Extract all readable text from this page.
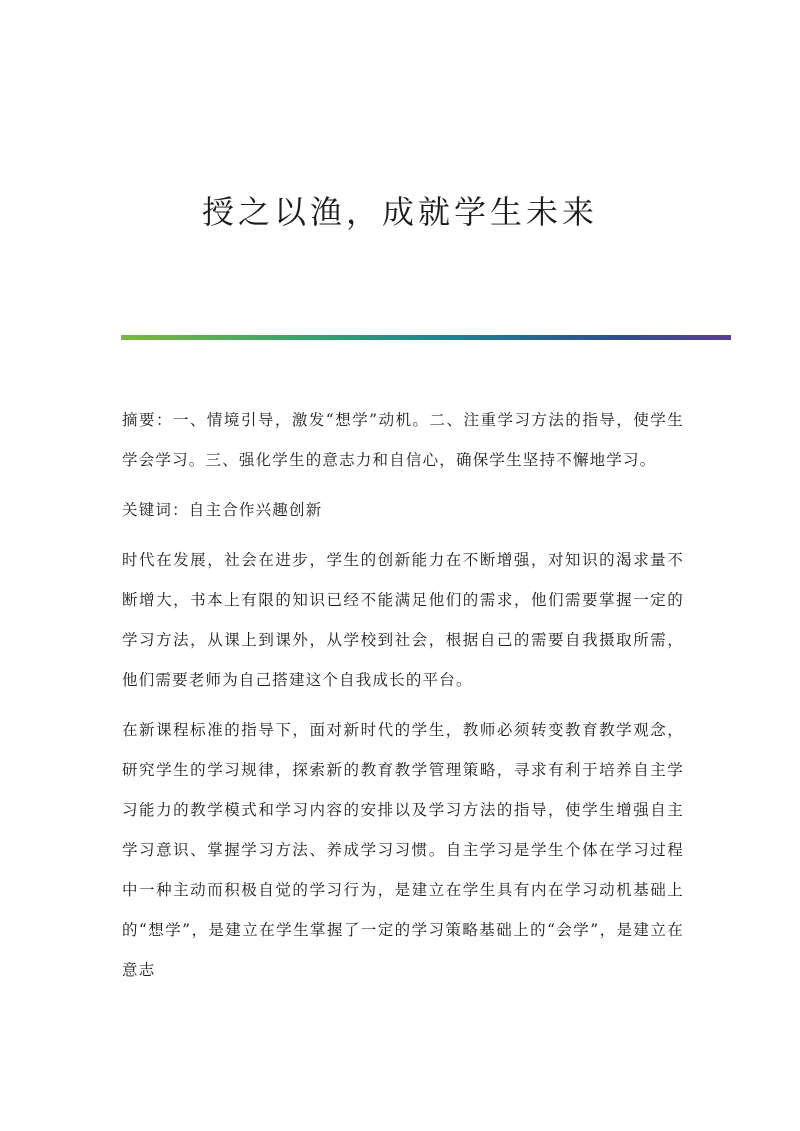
授之以渔，成就学生未来

摘要：一、情境引导，激发“想学”动机。二、注重学习方法的指导，使学生学会学习。三、强化学生的意志力和自信心，确保学生坚持不懈地学习。

关键词：自主合作兴趣创新

时代在发展，社会在进步，学生的创新能力在不断增强，对知识的渴求量不断增大，书本上有限的知识已经不能满足他们的需求，他们需要掌握一定的学习方法，从课上到课外，从学校到社会，根据自己的需要自我摄取所需，他们需要老师为自己搭建这个自我成长的平台。

在新课程标准的指导下，面对新时代的学生，教师必须转变教育教学观念，研究学生的学习规律，探索新的教育教学管理策略，寻求有利于培养自主学习能力的教学模式和学习内容的安排以及学习方法的指导，使学生增强自主学习意识、掌握学习方法、养成学习习惯。自主学习是学生个体在学习过程中一种主动而积极自觉的学习行为，是建立在学生具有内在学习动机基础上的“想学”，是建立在学生掌握了一定的学习策略基础上的“会学”，是建立在意志
